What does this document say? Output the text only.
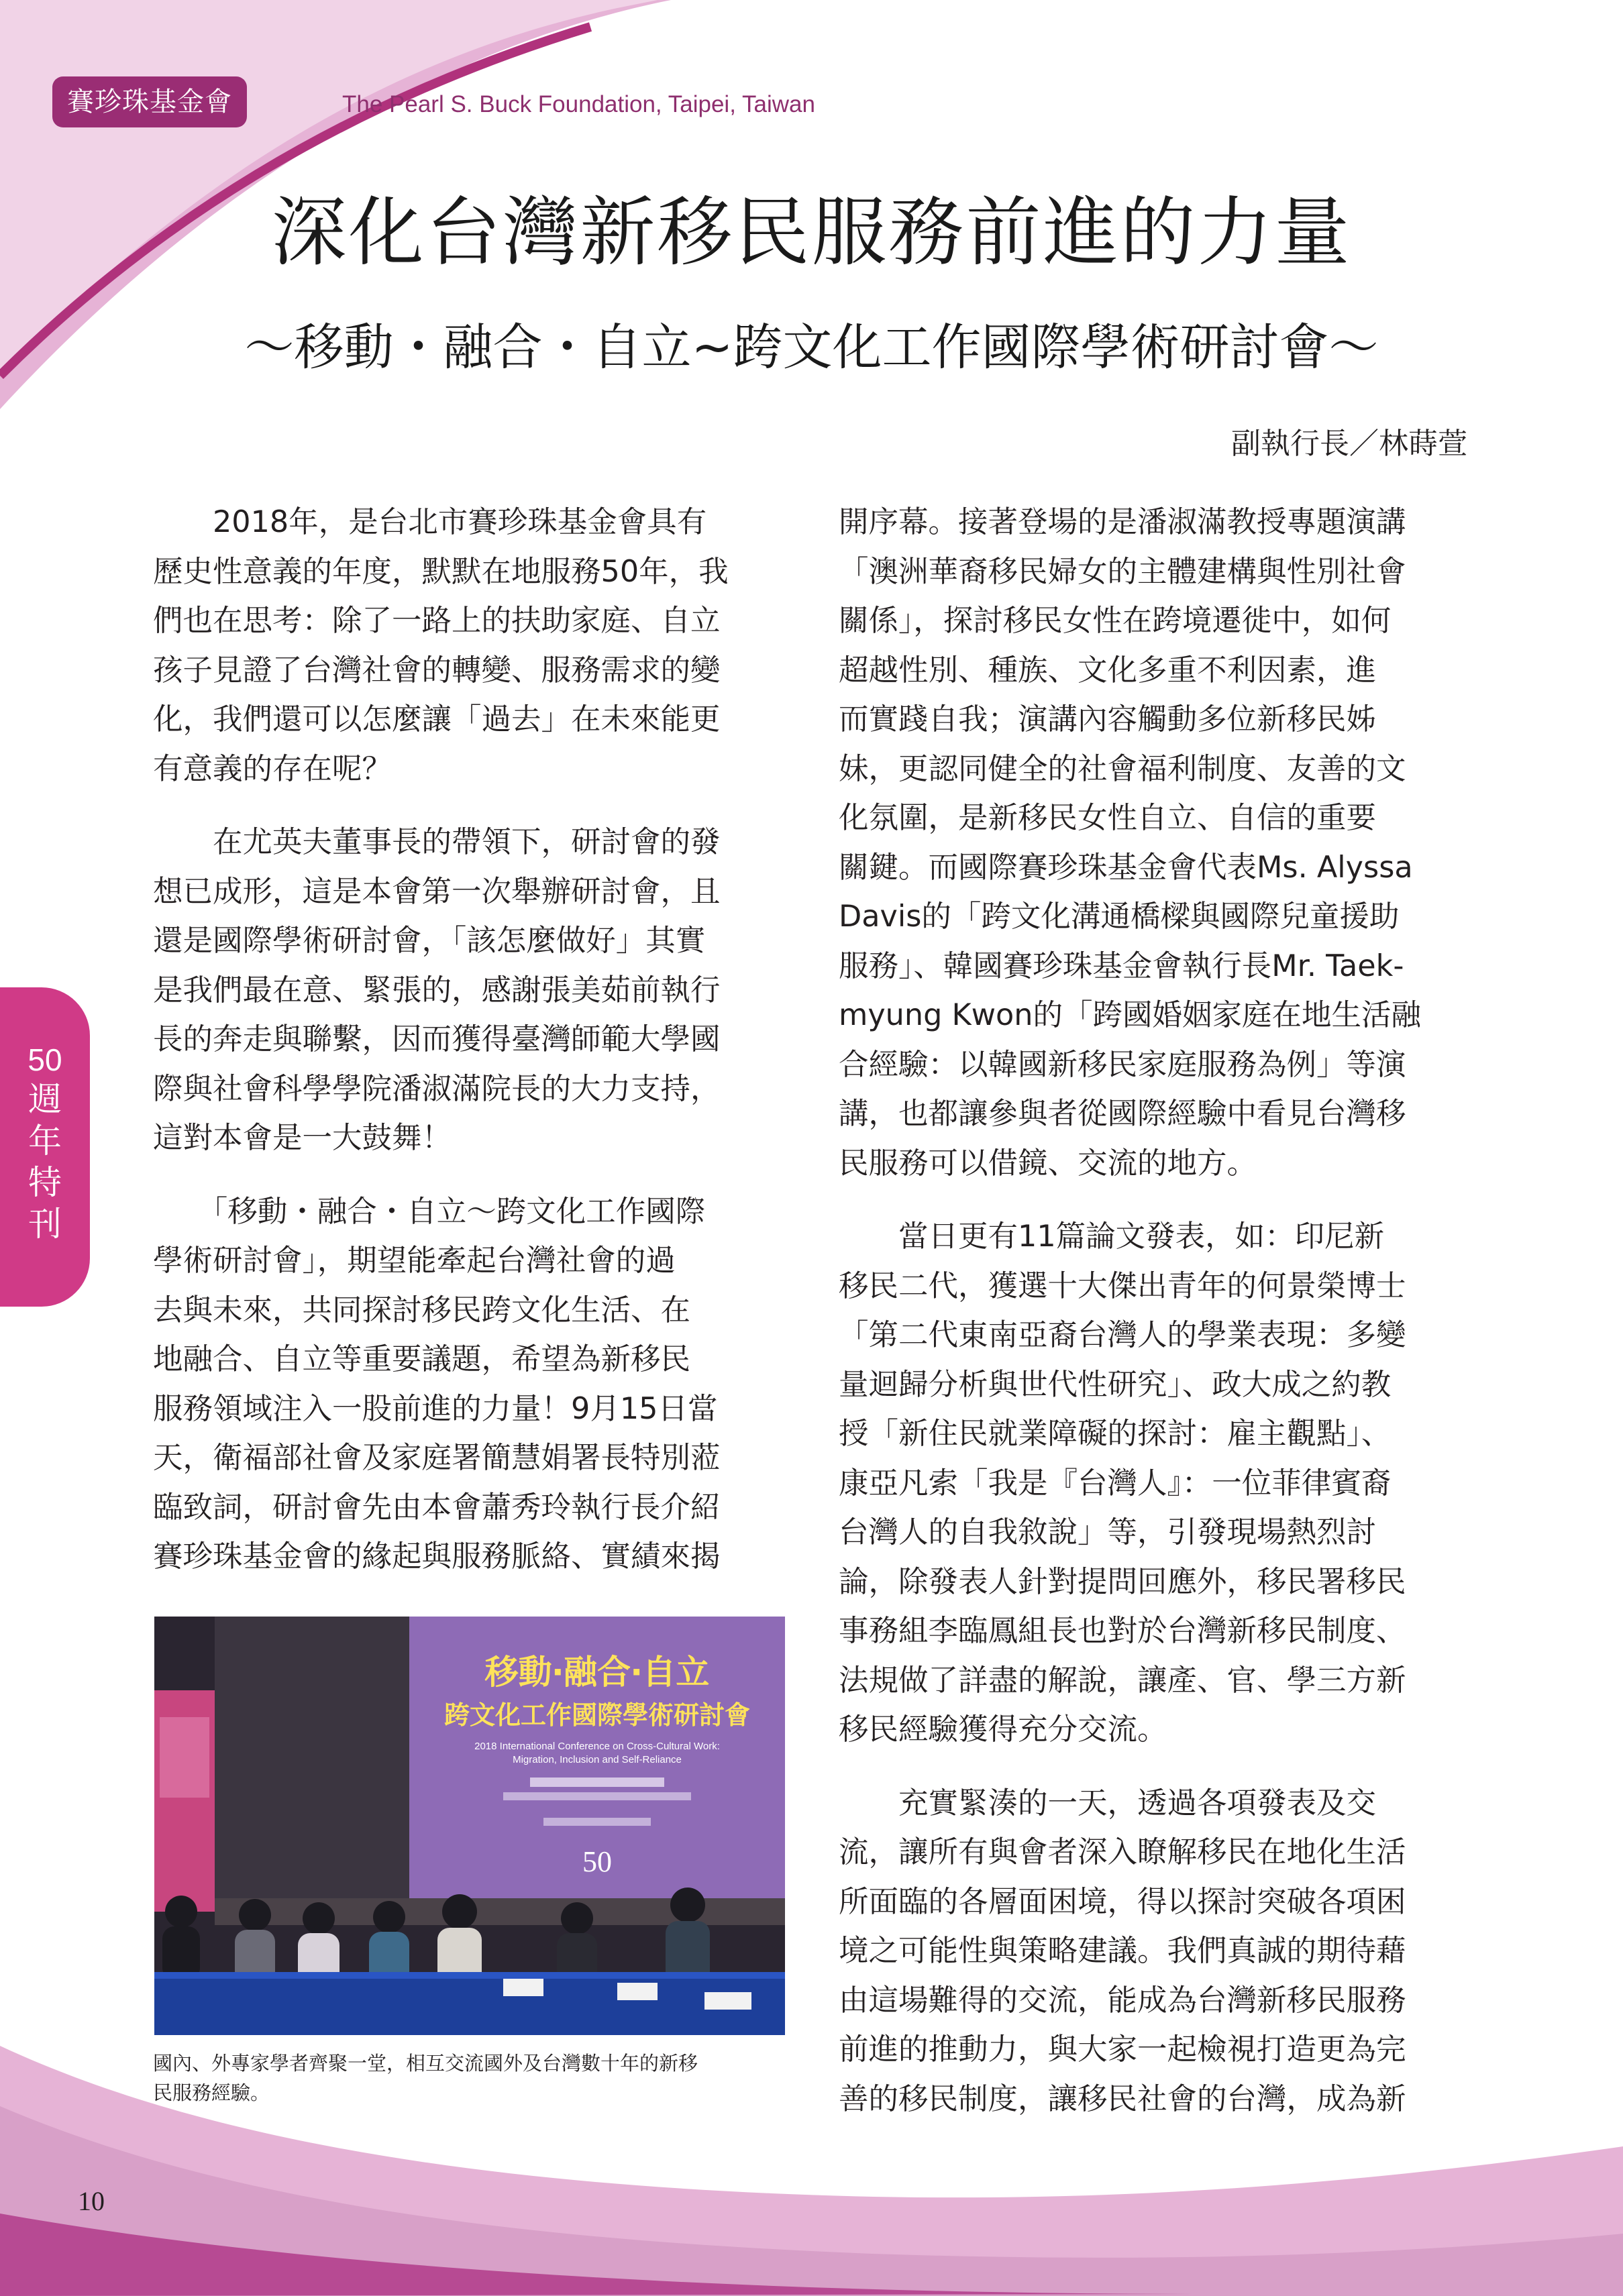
賽珍珠基金會	The Pearl S. Buck Foundation, Taipei, Taiwan
深化台灣新移民服務前進的力量
～移動・融合・自立~跨文化工作國際學術研討會～
副執行長／林蒔萱
　　2018年，是台北市賽珍珠基金會具有
歷史性意義的年度，默默在地服務50年，我
們也在思考：除了一路上的扶助家庭、自立
孩子見證了台灣社會的轉變、服務需求的變
化，我們還可以怎麼讓「過去」在未來能更
有意義的存在呢？
　　在尤英夫董事長的帶領下，研討會的發
想已成形，這是本會第一次舉辦研討會，且
還是國際學術研討會，「該怎麼做好」其實
是我們最在意、緊張的，感謝張美茹前執行
長的奔走與聯繫，因而獲得臺灣師範大學國
際與社會科學學院潘淑滿院長的大力支持，
這對本會是一大鼓舞！
　　「移動・融合・自立～跨文化工作國際
學術研討會」，期望能牽起台灣社會的過
去與未來，共同探討移民跨文化生活、在
地融合、自立等重要議題，希望為新移民
服務領域注入一股前進的力量！9月15日當
天，衛福部社會及家庭署簡慧娟署長特別蒞
臨致詞，研討會先由本會蕭秀玲執行長介紹
賽珍珠基金會的緣起與服務脈絡、實績來揭
開序幕。接著登場的是潘淑滿教授專題演講
「澳洲華裔移民婦女的主體建構與性別社會
關係」，探討移民女性在跨境遷徙中，如何
超越性別、種族、文化多重不利因素，進
而實踐自我；演講內容觸動多位新移民姊
妹，更認同健全的社會福利制度、友善的文
化氛圍，是新移民女性自立、自信的重要
關鍵。而國際賽珍珠基金會代表Ms. Alyssa
Davis的「跨文化溝通橋樑與國際兒童援助
服務」、韓國賽珍珠基金會執行長Mr. Taek-
myung Kwon的「跨國婚姻家庭在地生活融
合經驗：以韓國新移民家庭服務為例」等演
講，也都讓參與者從國際經驗中看見台灣移
民服務可以借鏡、交流的地方。
　　當日更有11篇論文發表，如：印尼新
移民二代，獲選十大傑出青年的何景榮博士
「第二代東南亞裔台灣人的學業表現：多變
量迴歸分析與世代性研究」、政大成之約教
授「新住民就業障礙的探討：雇主觀點」、
康亞凡索「我是『台灣人』：一位菲律賓裔
台灣人的自我敘說」等，引發現場熱烈討
論，除發表人針對提問回應外，移民署移民
事務組李臨鳳組長也對於台灣新移民制度、
法規做了詳盡的解說，讓產、官、學三方新
移民經驗獲得充分交流。
　　充實緊湊的一天，透過各項發表及交
流，讓所有與會者深入瞭解移民在地化生活
所面臨的各層面困境，得以探討突破各項困
境之可能性與策略建議。我們真誠的期待藉
由這場難得的交流，能成為台灣新移民服務
前進的推動力，與大家一起檢視打造更為完
善的移民制度，讓移民社會的台灣，成為新
50
週
年
特
刊
移動‧融合‧自立
跨文化工作國際學術研討會
2018 International Conference on Cross-Cultural Work:
Migration, Inclusion and Self-Reliance
50
國內、外專家學者齊聚一堂，相互交流國外及台灣數十年的新移
民服務經驗。
10
